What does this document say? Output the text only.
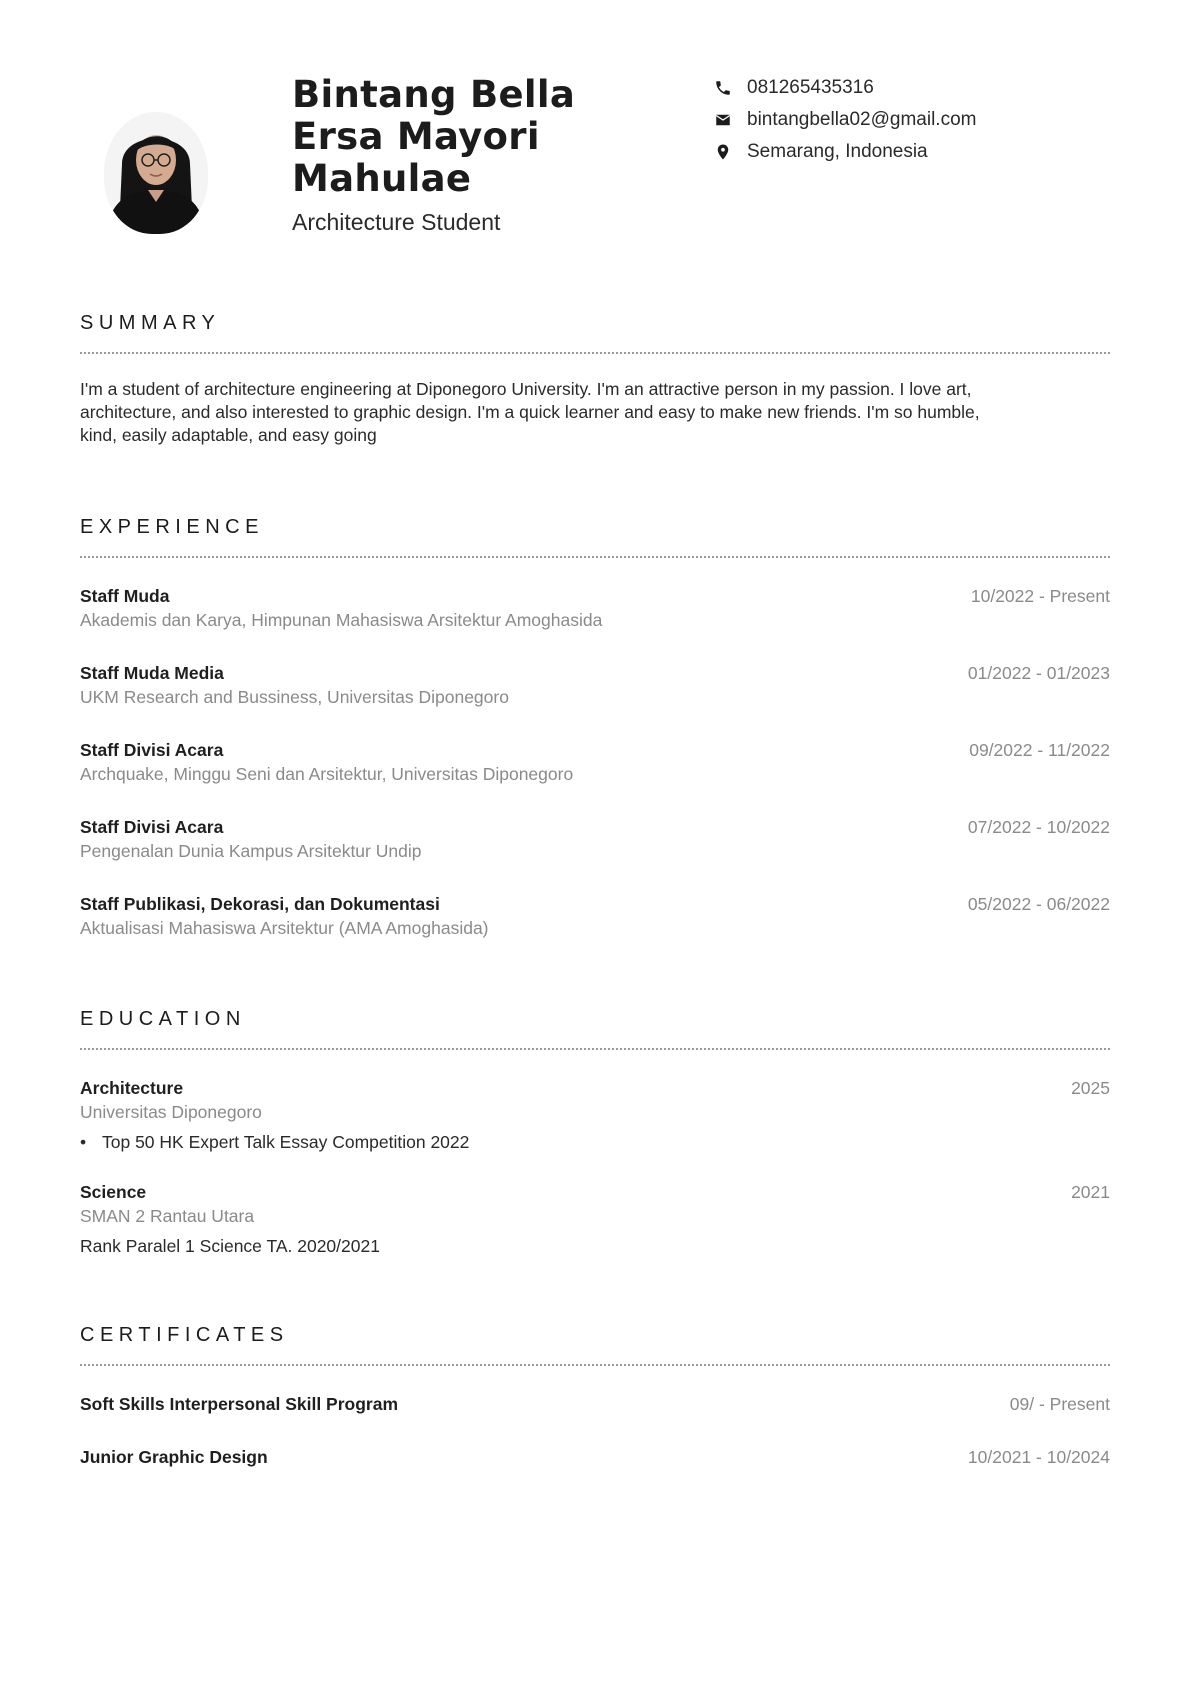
Bintang Bella Ersa Mayori Mahulae
Architecture Student
081265435316
bintangbella02@gmail.com
Semarang, Indonesia
SUMMARY
I'm a student of architecture engineering at Diponegoro University. I'm an attractive person in my passion. I love art, architecture, and also interested to graphic design. I'm a quick learner and easy to make new friends. I'm so humble, kind, easily adaptable, and easy going
EXPERIENCE
Staff Muda	10/2022 - Present
Akademis dan Karya, Himpunan Mahasiswa Arsitektur Amoghasida
Staff Muda Media	01/2022 - 01/2023
UKM Research and Bussiness, Universitas Diponegoro
Staff Divisi Acara	09/2022 - 11/2022
Archquake, Minggu Seni dan Arsitektur, Universitas Diponegoro
Staff Divisi Acara	07/2022 - 10/2022
Pengenalan Dunia Kampus Arsitektur Undip
Staff Publikasi, Dekorasi, dan Dokumentasi	05/2022 - 06/2022
Aktualisasi Mahasiswa Arsitektur (AMA Amoghasida)
EDUCATION
Architecture	2025
Universitas Diponegoro
• Top 50 HK Expert Talk Essay Competition 2022
Science	2021
SMAN 2 Rantau Utara
Rank Paralel 1 Science TA. 2020/2021
CERTIFICATES
Soft Skills Interpersonal Skill Program	09/ - Present
Junior Graphic Design	10/2021 - 10/2024
